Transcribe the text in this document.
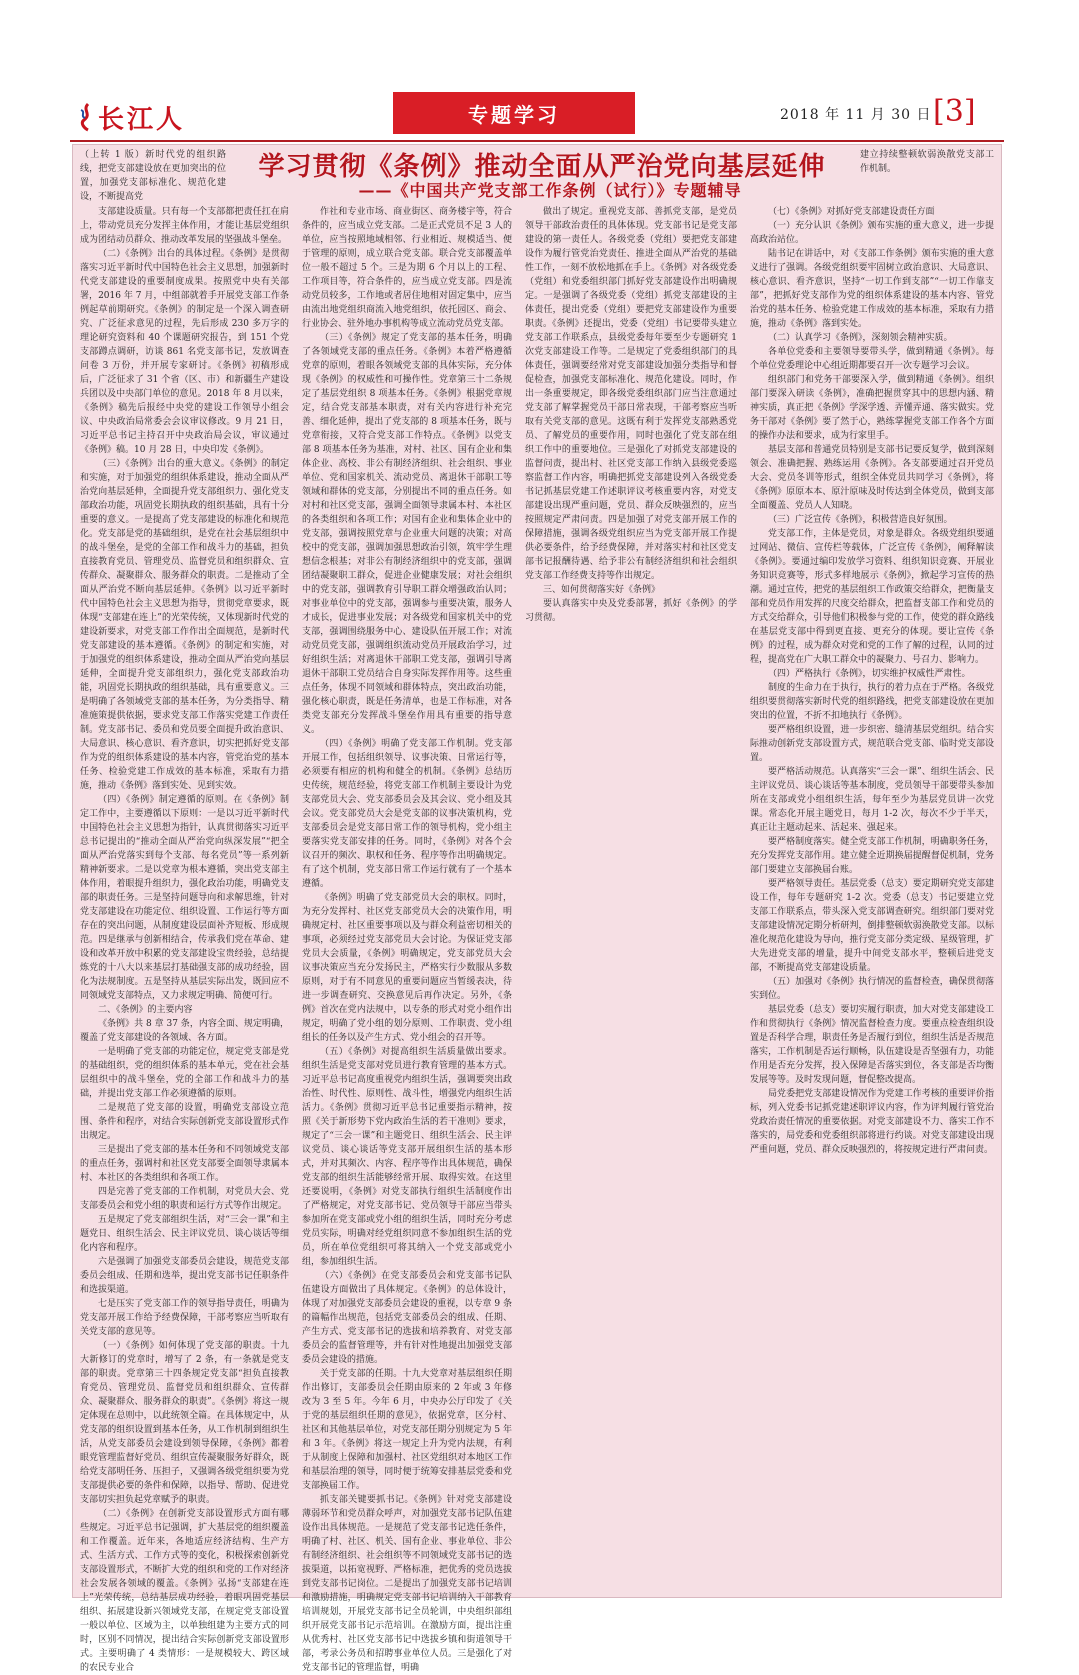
长江人	专题学习	2018 年 11 月 30 日 [3]
学习贯彻《条例》推动全面从严治党向基层延伸
——《中国共产党支部工作条例（试行）》专题辅导

（上转 1 版）新时代党的组织路线，把党支部建设放在更加突出的位置，加强党支部标准化、规范化建设，不断提高党

建立持续整顿软弱涣散党支部工作机制。

支部建设质量。只有每一个支部都把责任扛在肩上，带动党员充分发挥主体作用，才能让基层党组织成为团结动员群众、推动改革发展的坚强战斗堡垒。

（二）《条例》出台的具体过程。《条例》是贯彻落实习近平新时代中国特色社会主义思想，加强新时代党支部建设的重要制度成果。按照党中央有关部署，2016 年 7 月，中组部就着手开展党支部工作条例起草前期研究。《条例》的制定是一个深入调查研究、广泛征求意见的过程，先后形成 230 多万字的理论研究资料和 40 个课题研究报告，到 151 个党支部蹲点调研，访谈 861 名党支部书记，发放调查问卷 3 万份，并开展专家研讨。《条例》初稿形成后，广泛征求了 31 个省（区、市）和新疆生产建设兵团以及中央部门单位的意见。2018 年 8 月以来，《条例》稿先后报经中央党的建设工作领导小组会议、中央政治局常委会会议审议修改。9 月 21 日，习近平总书记主持召开中央政治局会议，审议通过《条例》稿。10 月 28 日，中央印发《条例》。

（三）《条例》出台的重大意义。《条例》的制定和实施，对于加强党的组织体系建设，推动全面从严治党向基层延伸，全面提升党支部组织力、强化党支部政治功能，巩固党长期执政的组织基础，具有十分重要的意义。一是提高了党支部建设的标准化和规范化。党支部是党的基础组织，是党在社会基层组织中的战斗堡垒，是党的全部工作和战斗力的基础，担负直接教育党员、管理党员、监督党员和组织群众、宣传群众、凝聚群众、服务群众的职责。二是推动了全面从严治党不断向基层延伸。《条例》以习近平新时代中国特色社会主义思想为指导，贯彻党章要求，既体现“支部建在连上”的光荣传统，又体现新时代党的建设新要求，对党支部工作作出全面规范，是新时代党支部建设的基本遵循。《条例》的制定和实施，对于加强党的组织体系建设，推动全面从严治党向基层延伸，全面提升党支部组织力，强化党支部政治功能，巩固党长期执政的组织基础，具有重要意义。三是明确了各领域党支部的基本任务，为分类指导、精准施策提供依据，要求党支部工作落实党建工作责任制。党支部书记、委员和党员要全面提升政治意识、大局意识、核心意识、看齐意识，切实把抓好党支部作为党的组织体系建设的基本内容，管党治党的基本任务、检验党建工作成效的基本标准，采取有力措施，推动《条例》落到实处、见到实效。

（四）《条例》制定遵循的原则。在《条例》制定工作中，主要遵循以下原则：一是以习近平新时代中国特色社会主义思想为指针，认真贯彻落实习近平总书记提出的“推动全面从严治党向纵深发展”“把全面从严治党落实到每个支部、每名党员”等一系列新精神新要求。二是以党章为根本遵循，突出党支部主体作用，着眼提升组织力，强化政治功能，明确党支部的职责任务。三是坚持问题导向和求解思维，针对党支部建设在功能定位、组织设置、工作运行等方面存在的突出问题，从制度建设层面补齐短板、形成规范。四是继承与创新相结合，传承我们党在革命、建设和改革开放中积累的党支部建设宝贵经验，总结提炼党的十八大以来基层打基础强支部的成功经验，固化为法规制度。五是坚持从基层实际出发，既回应不同领域党支部特点，又力求规定明确、简便可行。

二、《条例》的主要内容

《条例》共 8 章 37 条，内容全面、规定明确，覆盖了党支部建设的各领域、各方面。

一是明确了党支部的功能定位，规定党支部是党的基础组织，党的组织体系的基本单元，党在社会基层组织中的战斗堡垒，党的全部工作和战斗力的基础，并提出党支部工作必须遵循的原则。

二是规范了党支部的设置，明确党支部设立范围、条件和程序，对结合实际创新党支部设置形式作出规定。

三是提出了党支部的基本任务和不同领域党支部的重点任务，强调村和社区党支部要全面领导隶属本村、本社区的各类组织和各项工作。

四是完善了党支部的工作机制，对党员大会、党支部委员会和党小组的职责和运行方式等作出规定。

五是规定了党支部组织生活，对“三会一课”和主题党日、组织生活会、民主评议党员、谈心谈话等细化内容和程序。

六是强调了加强党支部委员会建设，规范党支部委员会组成、任期和选举，提出党支部书记任职条件和选拔渠道。

七是压实了党支部工作的领导指导责任，明确为党支部开展工作给予经费保障，干部考察应当听取有关党支部的意见等。

（一）《条例》如何体现了党支部的职责。十九大新修订的党章时，增写了 2 条，有一条就是党支部的职责。党章第三十四条规定党支部“担负直接教育党员、管理党员、监督党员和组织群众、宣传群众、凝聚群众、服务群众的职责”。《条例》将这一规定体现在总则中，以此统领全篇。在具体规定中，从党支部的组织设置到基本任务，从工作机制到组织生活，从党支部委员会建设到领导保障，《条例》都着眼党管理监督好党员、组织宣传凝聚服务好群众，既给党支部明任务、压担子，又强调各级党组织要为党支部提供必要的条件和保障，以指导、帮助、促进党支部切实担负起党章赋予的职责。

（二）《条例》在创新党支部设置形式方面有哪些规定。习近平总书记强调，扩大基层党的组织覆盖和工作覆盖。近年来，各地适应经济结构、生产方式、生活方式、工作方式等的变化，积极探索创新党支部设置形式，不断扩大党的组织和党的工作对经济社会发展各领域的覆盖。《条例》弘扬“支部建在连上”光荣传统，总结基层成功经验，着眼巩固党基层组织、拓展建设新兴领域党支部，在规定党支部设置一般以单位、区域为主，以单独组建为主要方式的同时，区别不同情况，提出结合实际创新党支部设置形式。主要明确了 4 类情形：一是规模较大、跨区域的农民专业合

作社和专业市场、商业街区、商务楼宇等，符合条件的，应当成立党支部。二是正式党员不足 3 人的单位，应当按照地域相邻、行业相近、规模适当、便于管理的原则，成立联合党支部。联合党支部覆盖单位一般不超过 5 个。三是为期 6 个月以上的工程、工作项目等，符合条件的，应当成立党支部。四是流动党员较多，工作地或者居住地相对固定集中，应当由流出地党组织商流入地党组织，依托园区、商会、行业协会、驻外地办事机构等成立流动党员党支部。

（三）《条例》规定了党支部的基本任务，明确了各领域党支部的重点任务。《条例》本着严格遵循党章的原则，着眼各领域党支部的具体实际，充分体现《条例》的权威性和可操作性。党章第三十二条规定了基层党组织 8 项基本任务。《条例》根据党章规定，结合党支部基本职责，对有关内容进行补充完善、细化延伸，提出了党支部的 8 项基本任务，既与党章衔接，又符合党支部工作特点。《条例》以党支部 8 项基本任务为基准，对村、社区、国有企业和集体企业、高校、非公有制经济组织、社会组织、事业单位、党和国家机关、流动党员、离退休干部职工等领域和群体的党支部，分别提出不同的重点任务。如对村和社区党支部，强调全面领导隶属本村、本社区的各类组织和各项工作；对国有企业和集体企业中的党支部，强调按照党章与企业重大问题的决策；对高校中的党支部，强调加强思想政治引领，筑牢学生理想信念根基；对非公有制经济组织中的党支部，强调团结凝聚职工群众，促进企业健康发展；对社会组织中的党支部，强调教育引导职工群众增强政治认同；对事业单位中的党支部，强调参与重要决策，服务人才成长，促进事业发展；对各级党和国家机关中的党支部，强调围绕服务中心、建设队伍开展工作；对流动党员党支部，强调组织流动党员开展政治学习，过好组织生活；对离退休干部职工党支部，强调引导离退休干部职工党员结合自身实际发挥作用等。这些重点任务，体现不同领域和群体特点，突出政治功能，强化核心职责，既是任务清单，也是工作标准，对各类党支部充分发挥战斗堡垒作用具有重要的指导意义。

（四）《条例》明确了党支部工作机制。党支部开展工作，包括组织领导、议事决策、日常运行等，必须要有相应的机构和健全的机制。《条例》总结历史传统，规范经验，将党支部工作机制主要设计为党支部党员大会、党支部委员会及其会议、党小组及其会议。党支部党员大会是党支部的议事决策机构，党支部委员会是党支部日常工作的领导机构，党小组主要落实党支部安排的任务。同时，《条例》对各个会议召开的频次、职权和任务、程序等作出明确规定。有了这个机制，党支部日常工作运行就有了一个基本遵循。

《条例》明确了党支部党员大会的职权。同时，为充分发挥村、社区党支部党员大会的决策作用，明确规定村、社区重要事项以及与群众利益密切相关的事项，必须经过党支部党员大会讨论。为保证党支部党员大会质量，《条例》明确规定，党支部党员大会议事决策应当充分发扬民主，严格实行少数服从多数原则，对于有不同意见的重要问题应当暂缓表决，待进一步调查研究、交换意见后再作决定。另外，《条例》首次在党内法规中，以专条的形式对党小组作出规定，明确了党小组的划分原则、工作职责、党小组组长的任务以及产生方式、党小组会的召开等。

（五）《条例》对提高组织生活质量做出要求。组织生活是党支部对党员进行教育管理的基本方式。习近平总书记高度重视党内组织生活，强调要突出政治性、时代性、原则性、战斗性，增强党内组织生活活力。《条例》贯彻习近平总书记重要指示精神，按照《关于新形势下党内政治生活的若干准则》要求，规定了“三会一课”和主题党日、组织生活会、民主评议党员、谈心谈话等党支部开展组织生活的基本形式，并对其频次、内容、程序等作出具体规范，确保党支部的组织生活能够经常开展、取得实效。在这里还要说明，《条例》对党支部执行组织生活制度作出了严格规定，对党支部书记、党员领导干部应当带头参加所在党支部或党小组的组织生活，同时充分考虑党员实际，明确对经党组织同意不参加组织生活的党员，所在单位党组织可将其纳入一个党支部或党小组，参加组织生活。

（六）《条例》在党支部委员会和党支部书记队伍建设方面做出了具体规定。《条例》的总体设计，体现了对加强党支部委员会建设的重视，以专章 9 条的篇幅作出规范，包括党支部委员会的组成、任期、产生方式、党支部书记的选拔和培养教育、对党支部委员会的监督管理等，并有针对性地提出加强党支部委员会建设的措施。

关于党支部的任期。十九大党章对基层组织任期作出修订，支部委员会任期由原来的 2 年或 3 年修改为 3 至 5 年。今年 6 月，中央办公厅印发了《关于党的基层组织任期的意见》，依据党章，区分村、社区和其他基层单位，对党支部任期分别规定为 5 年和 3 年。《条例》将这一规定上升为党内法规，有利于从制度上保障和加强村、社区党组织对本地区工作和基层治理的领导，同时便于统筹安排基层党委和党支部换届工作。

抓支部关键要抓书记。《条例》针对党支部建设薄弱环节和党员群众呼声，对加强党支部书记队伍建设作出具体规范。一是规范了党支部书记选任条件，明确了村、社区、机关、国有企业、事业单位、非公有制经济组织、社会组织等不同领域党支部书记的选拔渠道，以拓宽视野、严格标准，把优秀的党员选拔到党支部书记岗位。二是提出了加强党支部书记培训和激励措施，明确规定党支部书记培训纳入干部教育培训规划，开展党支部书记全员轮训，中央组织部组织开展党支部书记示范培训。在激励方面，提出注重从优秀村、社区党支部书记中选拔乡镇和街道领导干部，考录公务员和招聘事业单位人员。三是强化了对党支部书记的管理监督，明确

做出了规定。重视党支部、善抓党支部，是党员领导干部政治责任的具体体现。党支部书记是党支部建设的第一责任人。各级党委（党组）要把党支部建设作为履行管党治党责任、推进全面从严治党的基础性工作，一刻不放松地抓在手上。《条例》对各级党委（党组）和党委组织部门抓好党支部建设作出明确规定。一是强调了各级党委（党组）抓党支部建设的主体责任，提出党委（党组）要把党支部建设作为重要职责。《条例》还提出，党委（党组）书记要带头建立党支部工作联系点，县级党委每年要至少专题研究 1 次党支部建设工作等。二是规定了党委组织部门的具体责任，强调要经常对党支部建设加强分类指导和督促检查，加强党支部标准化、规范化建设。同时，作出一条重要规定，即各级党委组织部门应当注意通过党支部了解掌握党员干部日常表现，干部考察应当听取有关党支部的意见。这既有利于发挥党支部熟悉党员、了解党员的重要作用，同时也强化了党支部在组织工作中的重要地位。三是强化了对抓党支部建设的监督问责，提出村、社区党支部工作纳入县级党委巡察监督工作内容，明确把抓党支部建设列入各级党委书记抓基层党建工作述职评议考核重要内容，对党支部建设出现严重问题，党员、群众反映强烈的，应当按照规定严肃问责。四是加强了对党支部开展工作的保障措施，强调各级党组织应当为党支部开展工作提供必要条件，给予经费保障，并对落实村和社区党支部书记报酬待遇、给予非公有制经济组织和社会组织党支部工作经费支持等作出规定。

三、如何贯彻落实好《条例》

要认真落实中央及党委部署，抓好《条例》的学习贯彻。

（七）《条例》对抓好党支部建设责任方面

（一）充分认识《条例》颁布实施的重大意义，进一步提高政治站位。

陆书记在讲话中，对《支部工作条例》颁布实施的重大意义进行了强调。各级党组织要牢固树立政治意识、大局意识、核心意识、看齐意识，坚持“一切工作到支部”“一切工作靠支部”，把抓好党支部作为党的组织体系建设的基本内容、管党治党的基本任务、检验党建工作成效的基本标准，采取有力措施，推动《条例》落到实处。

（二）认真学习《条例》，深刻领会精神实质。

各单位党委和主要领导要带头学，做到精通《条例》。每个单位党委理论中心组近期都要召开一次专题学习会议。

组织部门和党务干部要深入学，做到精通《条例》。组织部门要深入研读《条例》，准确把握贯穿其中的思想内涵、精神实质，真正把《条例》学深学透、弄懂弄通、落实做实。党务干部对《条例》要了然于心，熟练掌握党支部工作各个方面的操作办法和要求，成为行家里手。

基层支部和普通党员特别是支部书记要反复学，做到深刻领会、准确把握、熟练运用《条例》。各支部要通过召开党员大会、党员冬训等形式，组织全体党员共同学习《条例》，将《条例》原原本本、原汁原味及时传达到全体党员，做到支部全面覆盖、党员人人知晓。

（三）广泛宣传《条例》，积极营造良好氛围。

党支部工作，主体是党员，对象是群众。各级党组织要通过网站、微信、宣传栏等载体，广泛宣传《条例》，阐释解读《条例》。要通过编印发放学习资料、组织知识竞赛、开展业务知识竞赛等，形式多样地展示《条例》，掀起学习宣传的热潮。通过宣传，把党的基层组织工作政策交给群众，把衡量支部和党员作用发挥的尺度交给群众，把监督支部工作和党员的方式交给群众，引导他们积极参与党的工作，使党的群众路线在基层党支部中得到更直接、更充分的体现。要让宣传《条例》的过程，成为群众对党和党的工作了解的过程，认同的过程，提高党在广大职工群众中的凝聚力、号召力、影响力。

（四）严格执行《条例》，切实维护权威性严肃性。

制度的生命力在于执行，执行的着力点在于严格。各级党组织要贯彻落实新时代党的组织路线，把党支部建设放在更加突出的位置，不折不扣地执行《条例》。

要严格组织设置，进一步织密、缝清基层党组织。结合实际推动创新党支部设置方式，规范联合党支部、临时党支部设置。

要严格活动规范。认真落实“三会一课”、组织生活会、民主评议党员、谈心谈话等基本制度，党员领导干部要带头参加所在支部或党小组组织生活，每年至少为基层党员讲一次党课。常态化开展主题党日，每月 1-2 次，每次不少于半天，真正让主题动起来、活起来、强起来。

要严格制度落实。健全党支部工作机制，明确职务任务，充分发挥党支部作用。建立健全近期换届提醒督促机制，党务部门要建立支部换届台账。

要严格领导责任。基层党委（总支）要定期研究党支部建设工作，每年专题研究 1-2 次。党委（总支）书记要建立党支部工作联系点，带头深入党支部调查研究。组织部门要对党支部建设情况定期分析研判，倒排整顿软弱涣散党支部。以标准化规范化建设为导向，推行党支部分类定级、星级管理，扩大先进党支部的增量，提升中间党支部水平，整顿后进党支部，不断提高党支部建设质量。

（五）加强对《条例》执行情况的监督检查，确保贯彻落实到位。

基层党委（总支）要切实履行职责，加大对党支部建设工作和贯彻执行《条例》情况监督检查力度。要重点检查组织设置是否科学合理，职责任务是否履行到位，组织生活是否规范落实，工作机制是否运行顺畅，队伍建设是否坚强有力，功能作用是否充分发挥，投入保障是否落实到位，各支部是否均衡发展等等。及时发现问题，督促整改提高。

局党委把党支部建设情况作为党建工作考核的重要评价指标，列入党委书记抓党建述职评议内容，作为评判履行管党治党政治责任情况的重要依据。对党支部建设不力、落实工作不落实的，局党委和党委组织部将进行约谈。对党支部建设出现严重问题，党员、群众反映强烈的，将按规定进行严肃问责。
